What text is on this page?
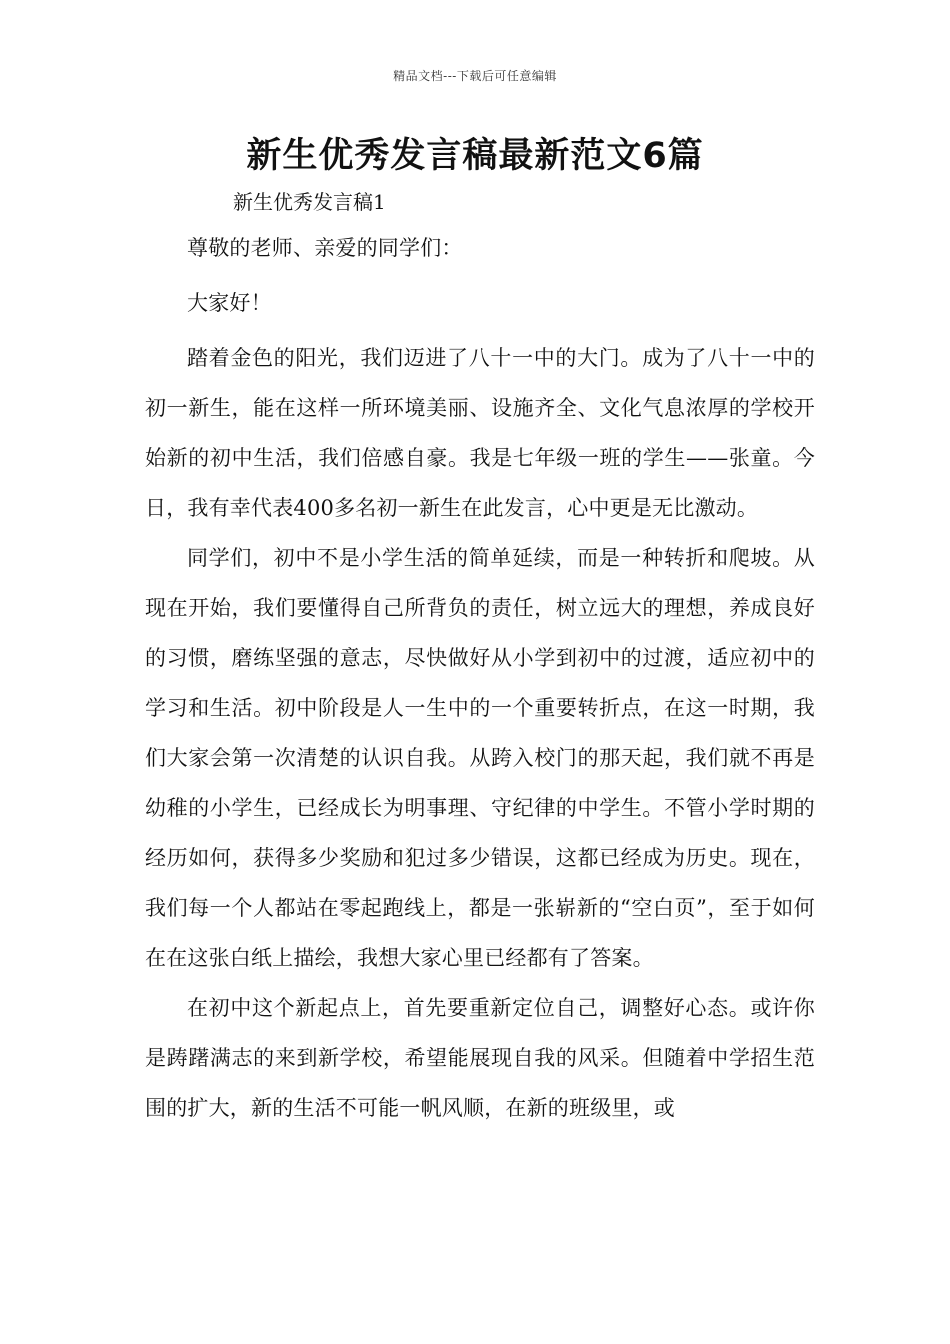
精品文档---下载后可任意编辑
新生优秀发言稿最新范文6篇
新生优秀发言稿1

尊敬的老师、亲爱的同学们：

大家好！

踏着金色的阳光，我们迈进了八十一中的大门。成为了八十一中的初一新生，能在这样一所环境美丽、设施齐全、文化气息浓厚的学校开始新的初中生活，我们倍感自豪。我是七年级一班的学生——张童。今日，我有幸代表400多名初一新生在此发言，心中更是无比激动。

同学们，初中不是小学生活的简单延续，而是一种转折和爬坡。从现在开始，我们要懂得自己所背负的责任，树立远大的理想，养成良好的习惯，磨练坚强的意志，尽快做好从小学到初中的过渡，适应初中的学习和生活。初中阶段是人一生中的一个重要转折点，在这一时期，我们大家会第一次清楚的认识自我。从跨入校门的那天起，我们就不再是幼稚的小学生，已经成长为明事理、守纪律的中学生。不管小学时期的经历如何，获得多少奖励和犯过多少错误，这都已经成为历史。现在，我们每一个人都站在零起跑线上，都是一张崭新的“空白页”，至于如何在在这张白纸上描绘，我想大家心里已经都有了答案。

在初中这个新起点上，首先要重新定位自己，调整好心态。或许你是踌躇满志的来到新学校，希望能展现自我的风采。但随着中学招生范围的扩大，新的生活不可能一帆风顺，在新的班级里，或
